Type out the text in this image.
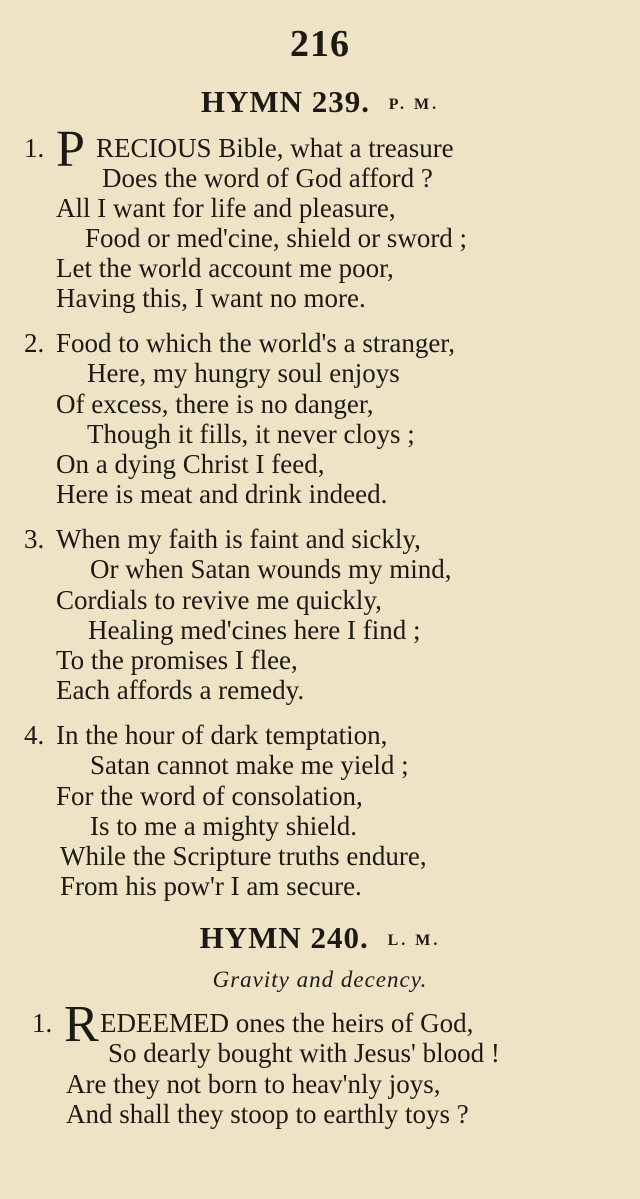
216
HYMN 239. P. M.
1. P RECIOUS Bible, what a treasure
Does the word of God afford ?
All I want for life and pleasure,
Food or med'cine, shield or sword ;
Let the world account me poor,
Having this, I want no more.
2. Food to which the world's a stranger,
Here, my hungry soul enjoys
Of excess, there is no danger,
Though it fills, it never cloys ;
On a dying Christ I feed,
Here is meat and drink indeed.
3. When my faith is faint and sickly,
Or when Satan wounds my mind,
Cordials to revive me quickly,
Healing med'cines here I find ;
To the promises I flee,
Each affords a remedy.
4. In the hour of dark temptation,
Satan cannot make me yield ;
For the word of consolation,
Is to me a mighty shield.
While the Scripture truths endure,
From his pow'r I am secure.
HYMN 240. L. M.
Gravity and decency.
1. R EDEEMED ones the heirs of God,
So dearly bought with Jesus' blood !
Are they not born to heav'nly joys,
And shall they stoop to earthly toys ?
